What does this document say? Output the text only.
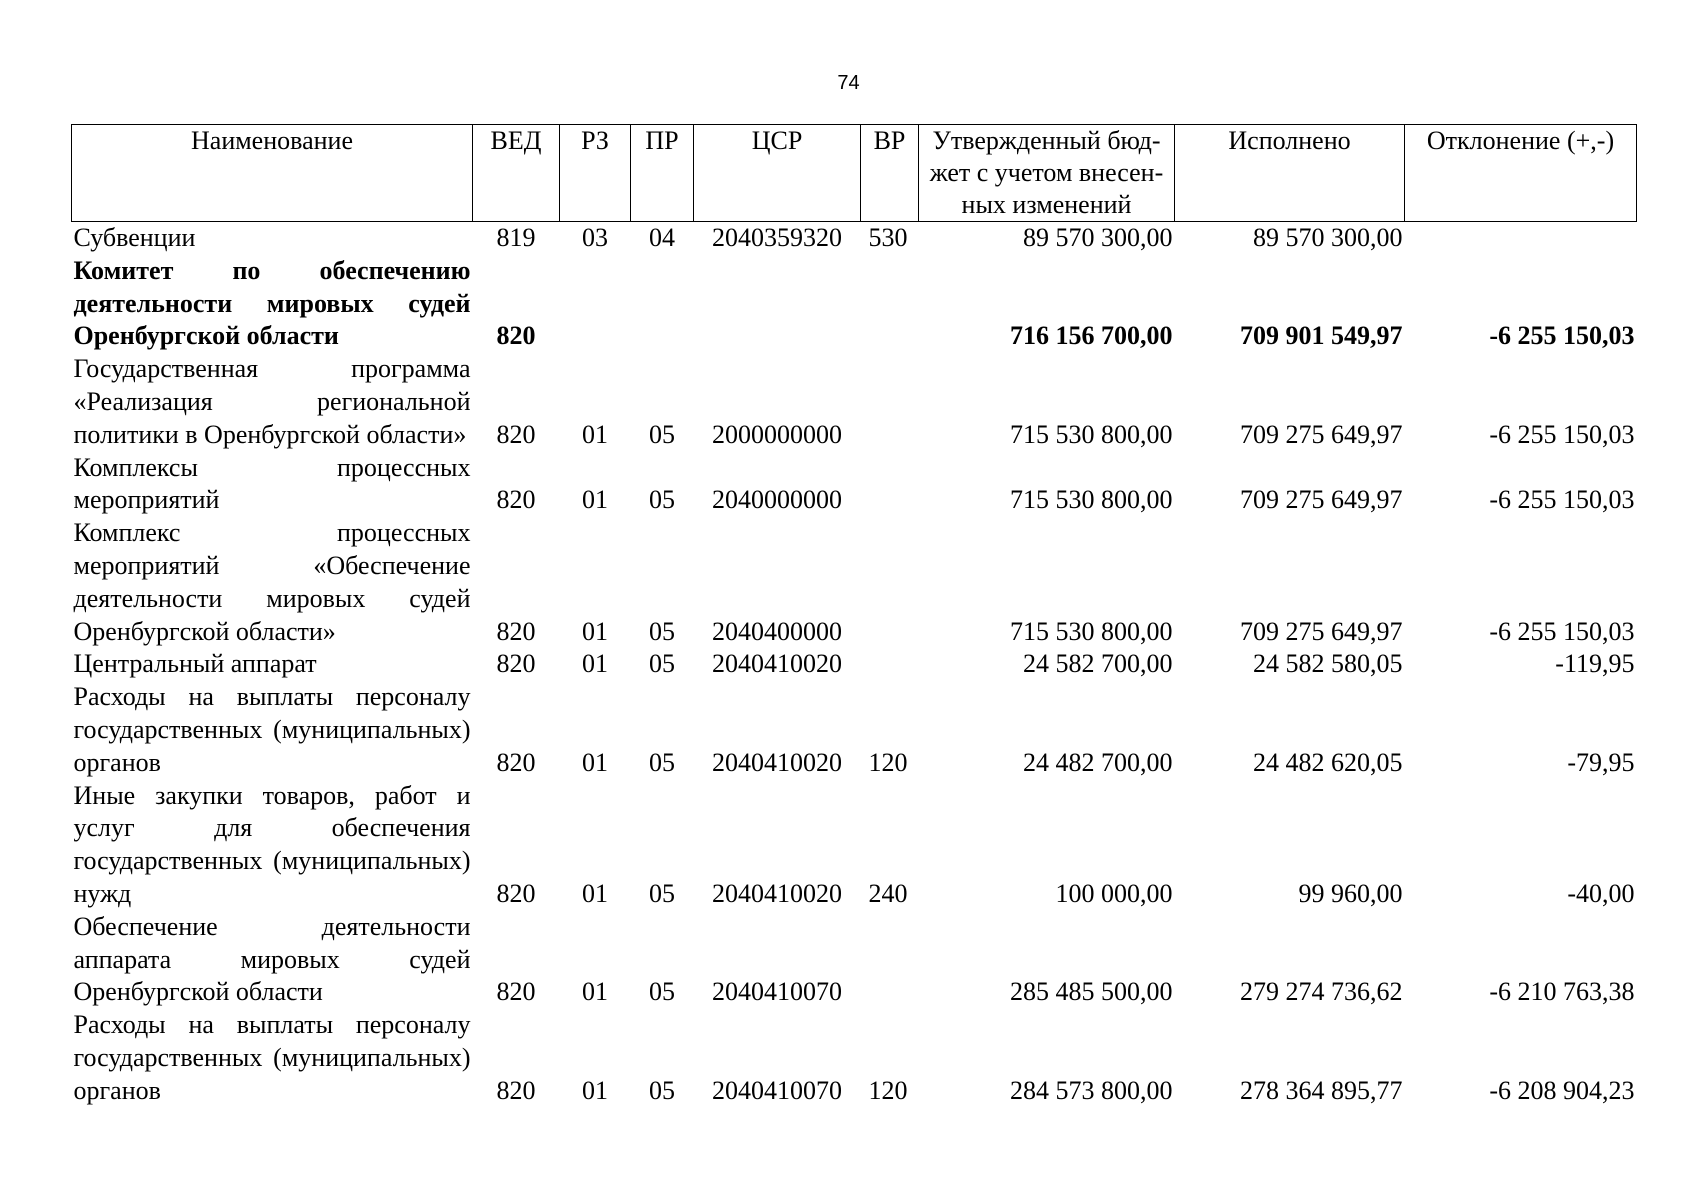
74
Наименование	ВЕД	РЗ	ПР	ЦСР	ВР	Утвержденный бюд-жет с учетом внесен-ных изменений	Исполнено	Отклонение (+,-)
Субвенции	819	03	04	2040359320	530	89 570 300,00	89 570 300,00	
Комитет по обеспечению деятельности мировых судей Оренбургской области	820					716 156 700,00	709 901 549,97	-6 255 150,03
Государственная программа «Реализация региональной политики в Оренбургской области»	820	01	05	2000000000		715 530 800,00	709 275 649,97	-6 255 150,03
Комплексы процессных мероприятий	820	01	05	2040000000		715 530 800,00	709 275 649,97	-6 255 150,03
Комплекс процессных мероприятий «Обеспечение деятельности мировых судей Оренбургской области»	820	01	05	2040400000		715 530 800,00	709 275 649,97	-6 255 150,03
Центральный аппарат	820	01	05	2040410020		24 582 700,00	24 582 580,05	-119,95
Расходы на выплаты персоналу государственных (муниципальных) органов	820	01	05	2040410020	120	24 482 700,00	24 482 620,05	-79,95
Иные закупки товаров, работ и услуг для обеспечения государственных (муниципальных) нужд	820	01	05	2040410020	240	100 000,00	99 960,00	-40,00
Обеспечение деятельности аппарата мировых судей Оренбургской области	820	01	05	2040410070		285 485 500,00	279 274 736,62	-6 210 763,38
Расходы на выплаты персоналу государственных (муниципальных) органов	820	01	05	2040410070	120	284 573 800,00	278 364 895,77	-6 208 904,23
